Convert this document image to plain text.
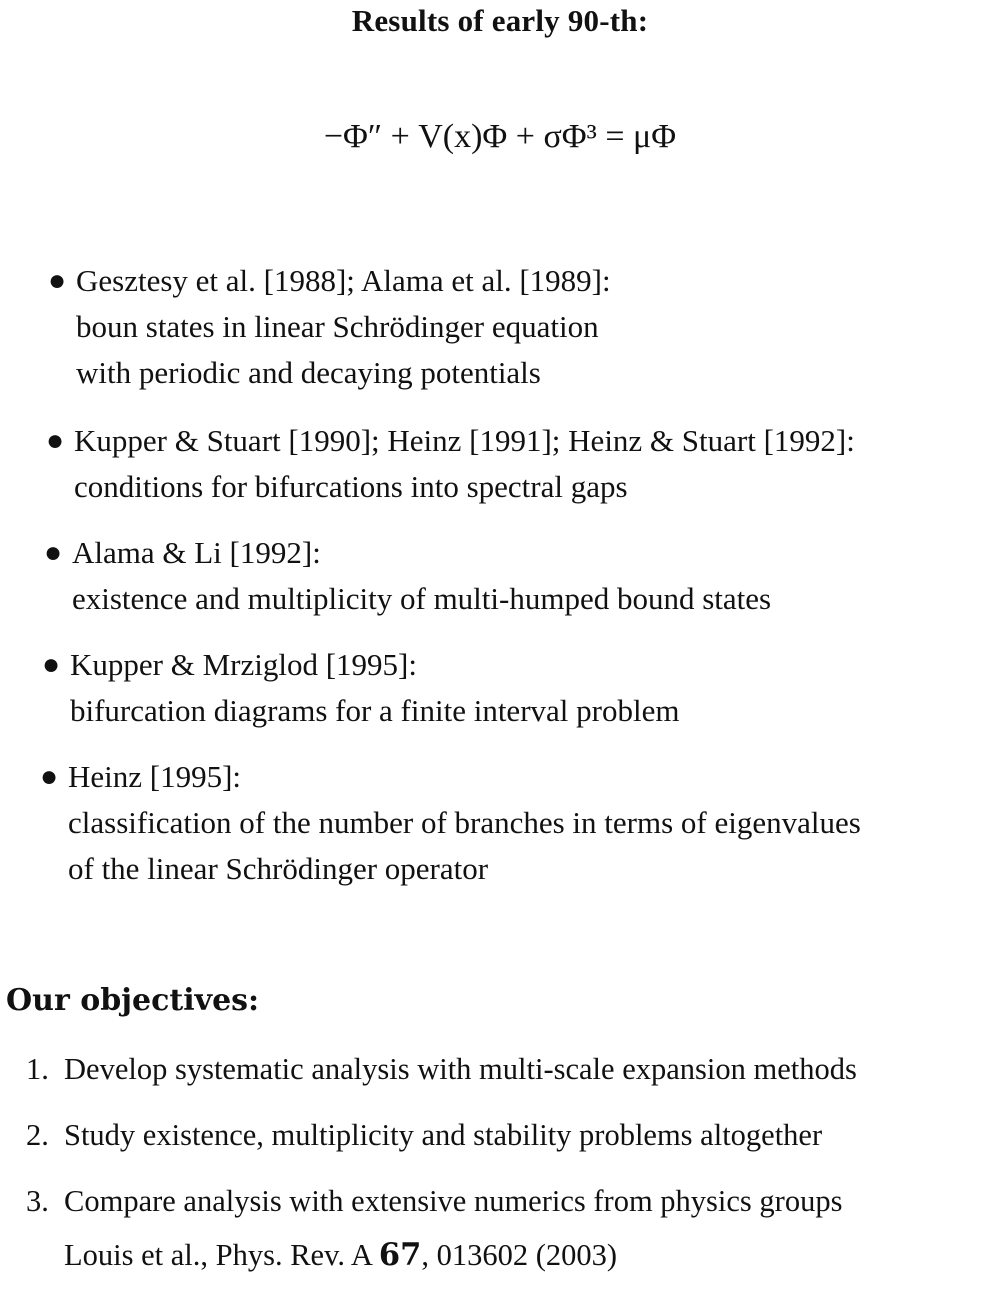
Results of early 90-th:
−Φ″ + V(x)Φ + σΦ³ = μΦ
● Gesztesy et al. [1988]; Alama et al. [1989]:
boun states in linear Schrödinger equation
with periodic and decaying potentials
● Kupper & Stuart [1990]; Heinz [1991]; Heinz & Stuart [1992]:
conditions for bifurcations into spectral gaps
● Alama & Li [1992]:
existence and multiplicity of multi-humped bound states
● Kupper & Mrziglod [1995]:
bifurcation diagrams for a finite interval problem
● Heinz [1995]:
classification of the number of branches in terms of eigenvalues
of the linear Schrödinger operator
Our objectives:
1. Develop systematic analysis with multi-scale expansion methods
2. Study existence, multiplicity and stability problems altogether
3. Compare analysis with extensive numerics from physics groups
Louis et al., Phys. Rev. A 67, 013602 (2003)
